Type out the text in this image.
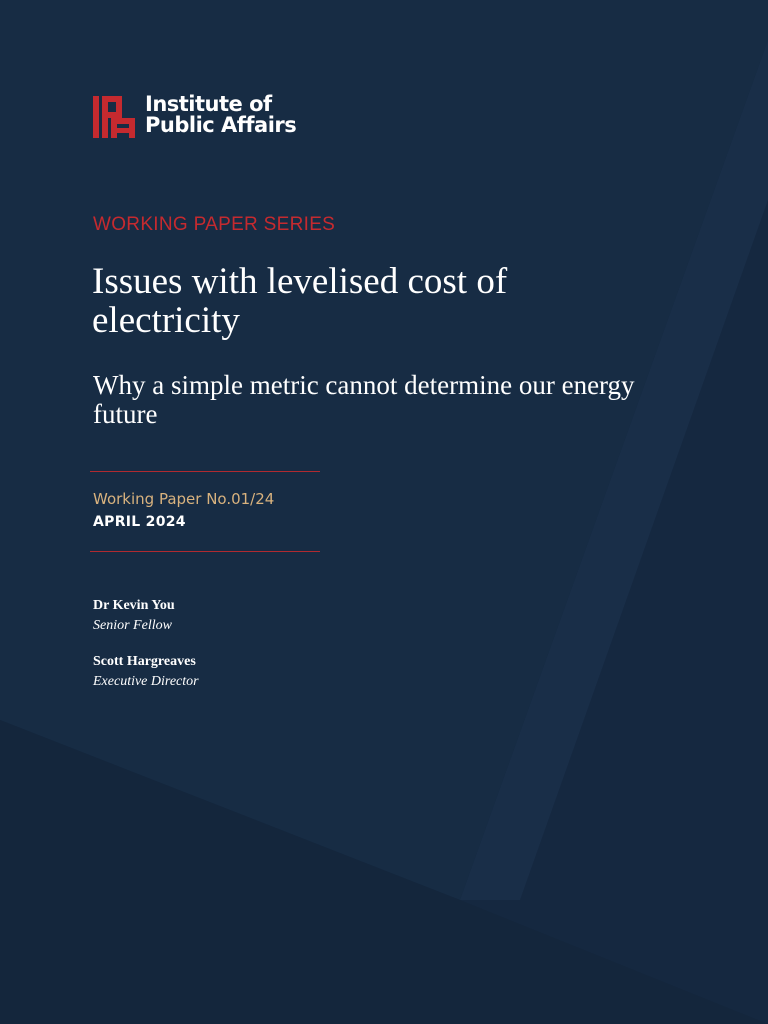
Institute of
Public Affairs
WORKING PAPER SERIES
Issues with levelised cost of electricity
Why a simple metric cannot determine our energy future
Working Paper No.01/24
APRIL 2024
Dr Kevin You
Senior Fellow
Scott Hargreaves
Executive Director
